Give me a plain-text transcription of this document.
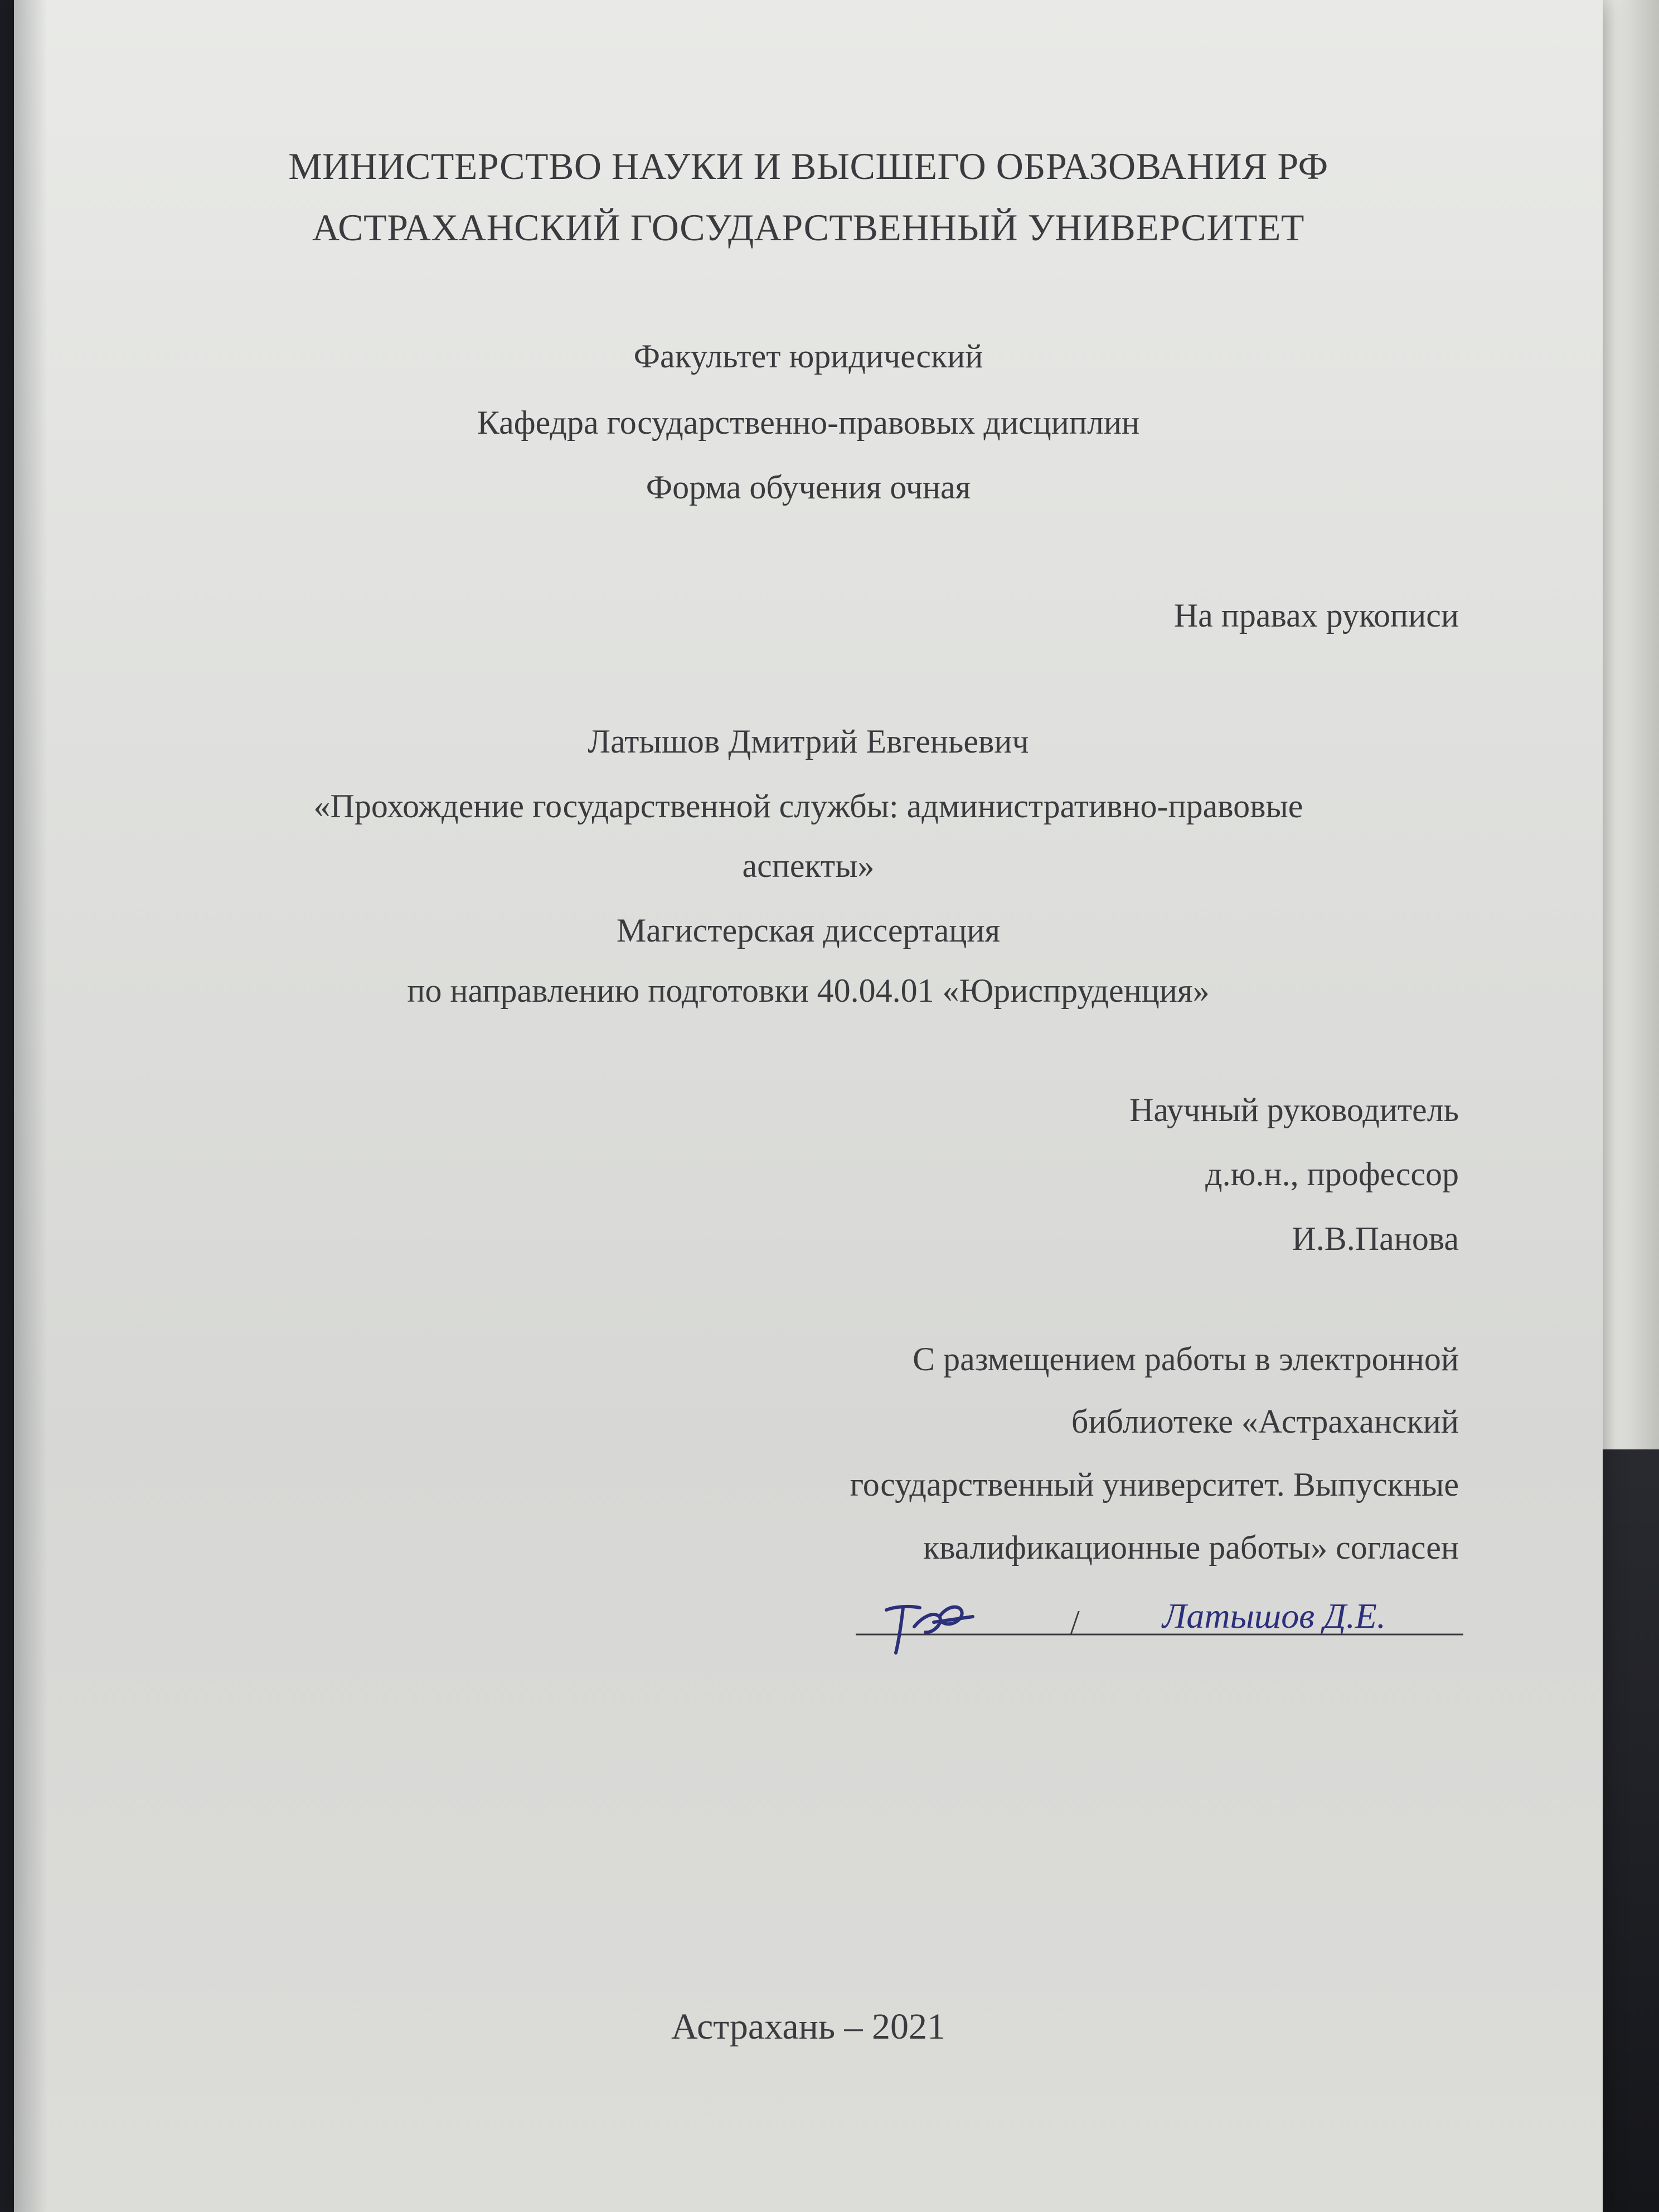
МИНИСТЕРСТВО НАУКИ И ВЫСШЕГО ОБРАЗОВАНИЯ РФ
АСТРАХАНСКИЙ ГОСУДАРСТВЕННЫЙ УНИВЕРСИТЕТ
Факультет юридический
Кафедра государственно-правовых дисциплин
Форма обучения очная
На правах рукописи
Латышов Дмитрий Евгеньевич
«Прохождение государственной службы: административно-правовые
аспекты»
Магистерская диссертация
по направлению подготовки 40.04.01 «Юриспруденция»
Научный руководитель
д.ю.н., профессор
И.В.Панова
С размещением работы в электронной
библиотеке «Астраханский
государственный университет. Выпускные
квалификационные работы» согласен
/ Латышов Д.Е.
Астрахань – 2021
